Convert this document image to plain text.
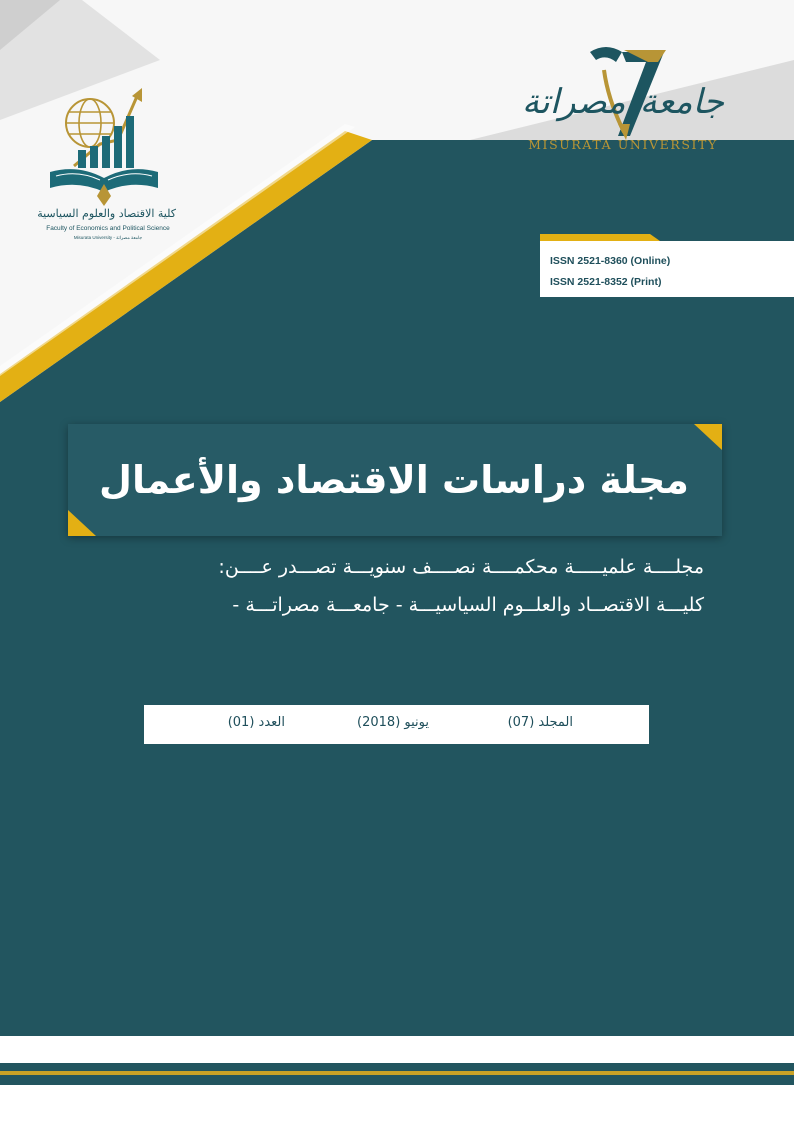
كلية الاقتصاد والعلوم السياسية
Faculty of Economics and Political Science
Misurata University - جامعة مصراتة
جامعة
مصراتة
MISURATA UNIVERSITY
ISSN 2521-8360 (Online)
ISSN 2521-8352 (Print)
مجلة دراسات الاقتصاد والأعمال
مجلــــة علميـــــة محكمــــة نصــــف سنويـــة تصـــدر عــــن:
كليـــة الاقتصــاد والعلــوم السياسيـــة - جامعـــة مصراتـــة -
المجلد (07)
يونيو (2018)
العدد (01)
